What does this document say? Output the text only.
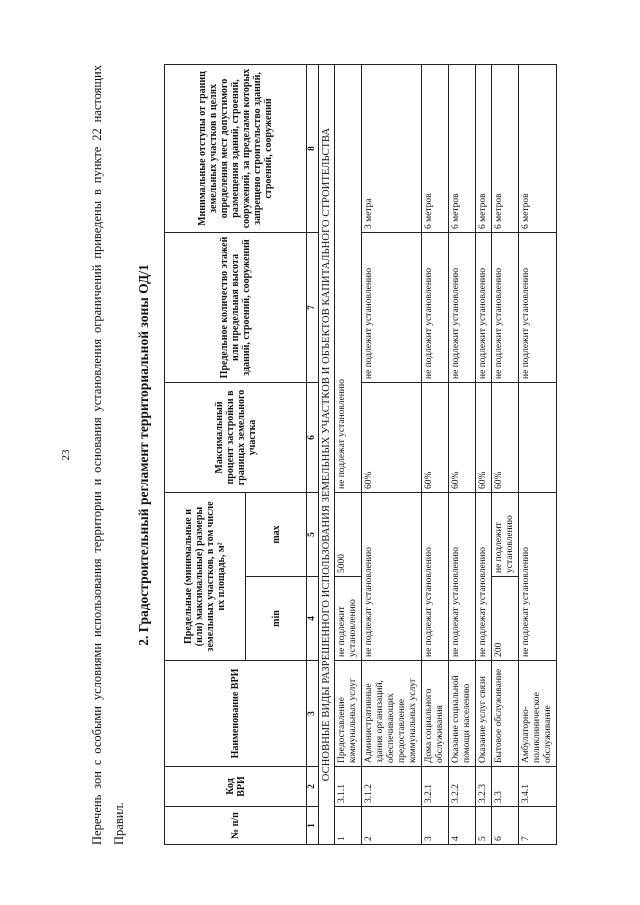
23	Перечень зон с особыми условиями использования территории и основания установления ограничений приведены в пункте 22 настоящих Правил.
2. Градостроительный регламент территориальной зоны ОД/1
№ п/п	Код ВРИ	Наименование ВРИ	Предельные (минимальные и (или) максимальные) размеры земельных участков, в том числе их площадь, м²		Максимальный процент застройки в границах земельного участка	Предельное количество этажей или предельная высота зданий, строений, сооружений	Минимальные отступы от границ земельных участков в целях определения мест допустимого размещения зданий, строений, сооружений, за пределами которых запрещено строительство зданий, строений, сооружений
			min	max			
1	2	3	4	5	6	7	8
ОСНОВНЫЕ ВИДЫ РАЗРЕШЕННОГО ИСПОЛЬЗОВАНИЯ ЗЕМЕЛЬНЫХ УЧАСТКОВ И ОБЪЕКТОВ КАПИТАЛЬНОГО СТРОИТЕЛЬСТВА							
1	3.1.1	Предоставление коммунальных услуг	не подлежит установлению	5000	не подлежат установлению		
2	3.1.2	Административные здания организаций, обеспечивающих предоставление коммунальных услуг	не подлежат установлению		60%	не подлежит установлению	3 метра
3	3.2.1	Дома социального обслуживания	не подлежат установлению		60%	не подлежит установлению	6 метров
4	3.2.2	Оказание социальной помощи населению	не подлежат установлению		60%	не подлежит установлению	6 метров
5	3.2.3	Оказание услуг связи	не подлежат установлению		60%	не подлежит установлению	6 метров
6	3.3	Бытовое обслуживание	200	не подлежит установлению	60%	не подлежит установлению	6 метров
7	3.4.1	Амбулаторно-поликлиническое обслуживание	не подлежат установлению			не подлежит установлению	6 метров
